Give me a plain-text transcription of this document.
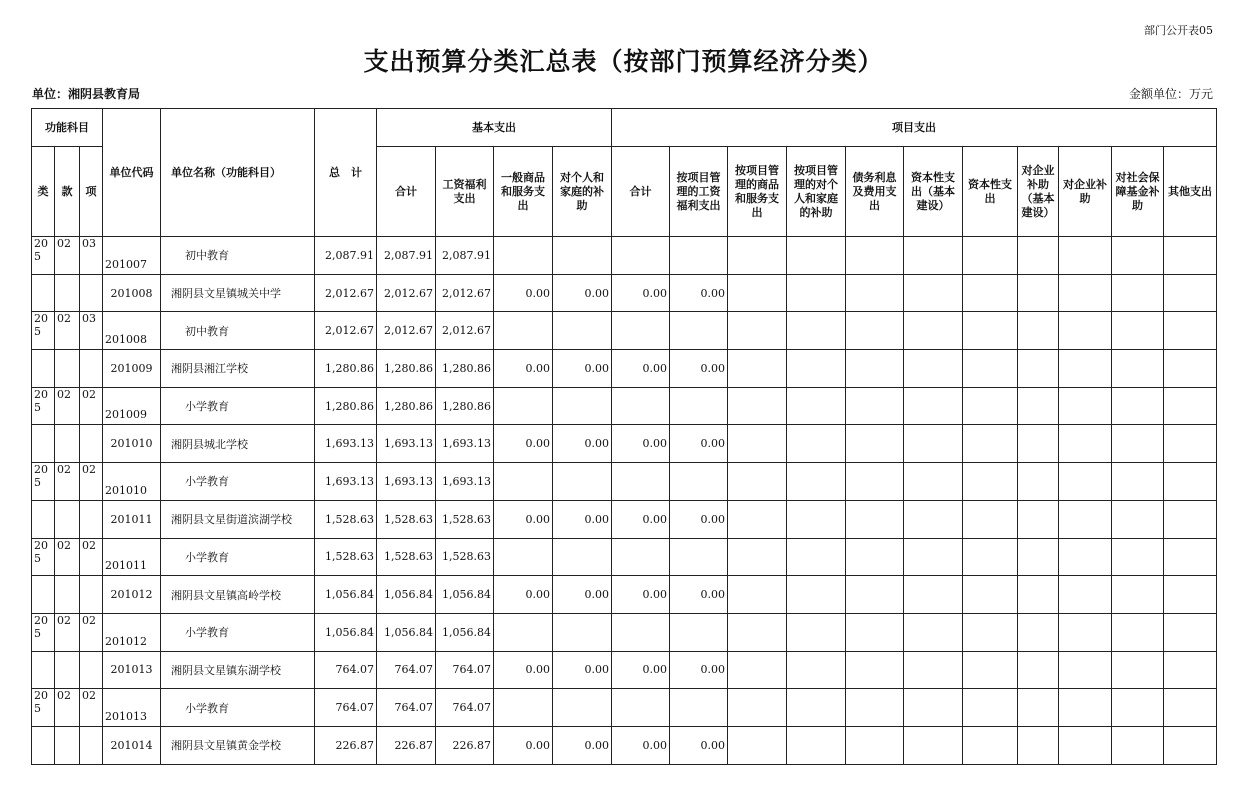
部门公开表05
支出预算分类汇总表（按部门预算经济分类）
单位：湘阴县教育局	金额单位：万元
功能科目			单位代码	单位名称（功能科目）	总　计	基本支出				项目支出										
类	款	项				合计	工资福利支出	一般商品和服务支出	对个人和家庭的补助	合计	按项目管理的工资福利支出	按项目管理的商品和服务支出	按项目管理的对个人和家庭的补助	债务利息及费用支出	资本性支出（基本建设）	资本性支出	对企业补助（基本建设）	对企业补助	对社会保障基金补助	其他支出
205	02	03	201007	初中教育	2,087.91	2,087.91	2,087.91													
			201008	湘阴县文星镇城关中学	2,012.67	2,012.67	2,012.67	0.00	0.00	0.00	0.00									
205	02	03	201008	初中教育	2,012.67	2,012.67	2,012.67													
			201009	湘阴县湘江学校	1,280.86	1,280.86	1,280.86	0.00	0.00	0.00	0.00									
205	02	02	201009	小学教育	1,280.86	1,280.86	1,280.86													
			201010	湘阴县城北学校	1,693.13	1,693.13	1,693.13	0.00	0.00	0.00	0.00									
205	02	02	201010	小学教育	1,693.13	1,693.13	1,693.13													
			201011	湘阴县文星街道滨湖学校	1,528.63	1,528.63	1,528.63	0.00	0.00	0.00	0.00									
205	02	02	201011	小学教育	1,528.63	1,528.63	1,528.63													
			201012	湘阴县文星镇高岭学校	1,056.84	1,056.84	1,056.84	0.00	0.00	0.00	0.00									
205	02	02	201012	小学教育	1,056.84	1,056.84	1,056.84													
			201013	湘阴县文星镇东湖学校	764.07	764.07	764.07	0.00	0.00	0.00	0.00									
205	02	02	201013	小学教育	764.07	764.07	764.07													
			201014	湘阴县文星镇黄金学校	226.87	226.87	226.87	0.00	0.00	0.00	0.00									
